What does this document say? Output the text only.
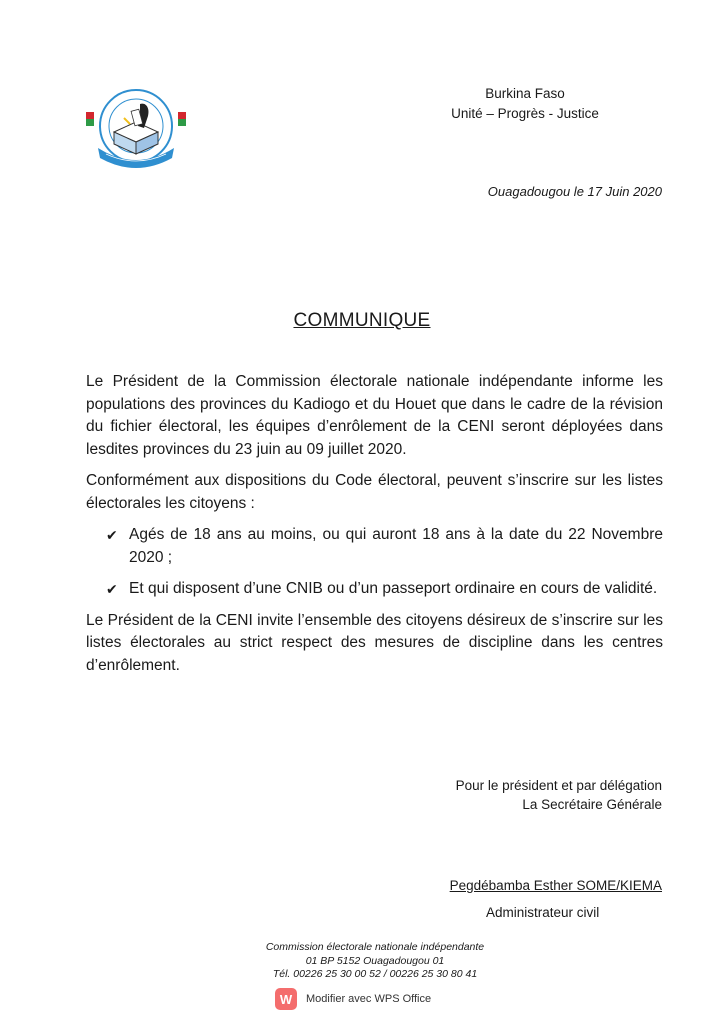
Burkina Faso
Unité – Progrès - Justice
Ouagadougou le 17 Juin 2020
COMMUNIQUE

Le Président de la Commission électorale nationale indépendante informe les populations des provinces du Kadiogo et du Houet que dans le cadre de la révision du fichier électoral, les équipes d’enrôlement de la CENI seront déployées dans lesdites provinces du 23 juin au 09 juillet 2020.

Conformément aux dispositions du Code électoral, peuvent s’inscrire sur les listes électorales les citoyens :

✔ Agés de 18 ans au moins, ou qui auront 18 ans à la date du 22 Novembre 2020 ;
✔ Et qui disposent d’une CNIB ou d’un passeport ordinaire en cours de validité.

Le Président de la CENI invite l’ensemble des citoyens désireux de s’inscrire sur les listes électorales au strict respect des mesures de discipline dans les centres d’enrôlement.

Pour le président et par délégation
La Secrétaire Générale
Pegdébamba Esther SOME/KIEMA
Administrateur civil
Commission électorale nationale indépendante
01 BP 5152 Ouagadougou 01
Tél. 00226 25 30 00 52 / 00226 25 30 80 41
W	Modifier avec WPS Office
